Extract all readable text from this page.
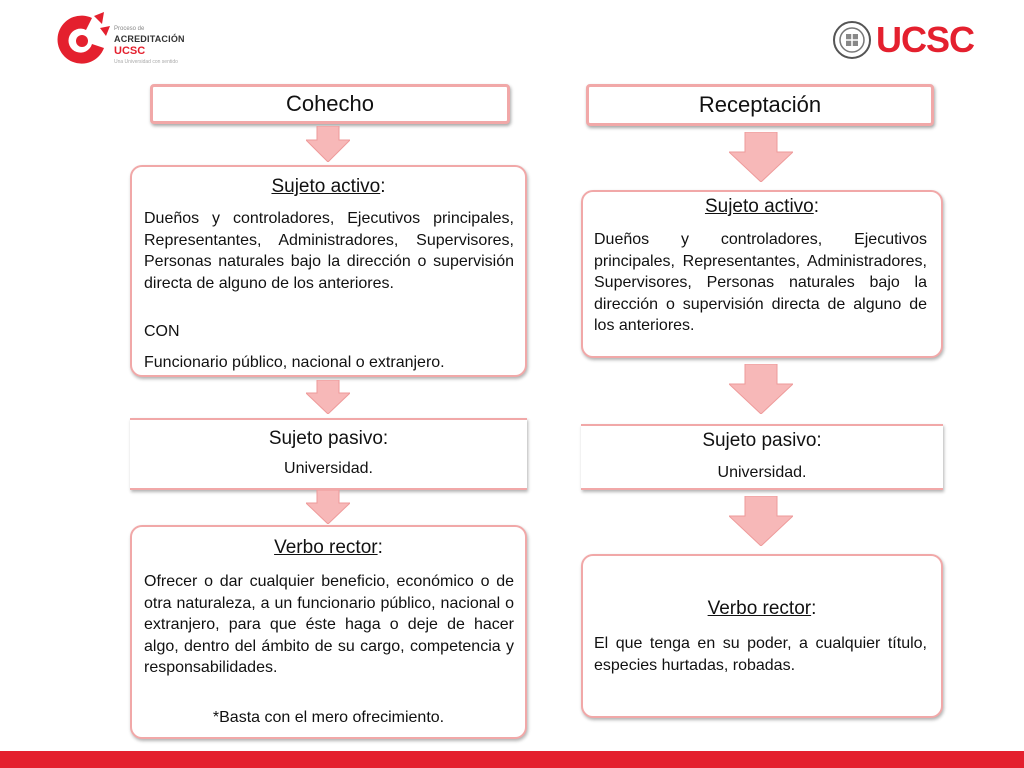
Proceso de
ACREDITACIÓN
UCSC
Una Universidad con sentido
UCSC
Cohecho
Sujeto activo:
Dueños y controladores, Ejecutivos principales, Representantes, Administradores, Supervisores, Personas naturales bajo la dirección o supervisión directa de alguno de los anteriores.
CON
Funcionario público, nacional o extranjero.
Sujeto pasivo:
Universidad.
Verbo rector:
Ofrecer o dar cualquier beneficio, económico o de otra naturaleza, a un funcionario público, nacional o extranjero, para que éste haga o deje de hacer algo, dentro del ámbito de su cargo, competencia y responsabilidades.
*Basta con el mero ofrecimiento.
Receptación
Sujeto activo:
Dueños y controladores, Ejecutivos principales, Representantes, Administradores, Supervisores, Personas naturales bajo la dirección o supervisión directa de alguno de los anteriores.
Sujeto pasivo:
Universidad.
Verbo rector:
El que tenga en su poder, a cualquier título, especies hurtadas, robadas.
